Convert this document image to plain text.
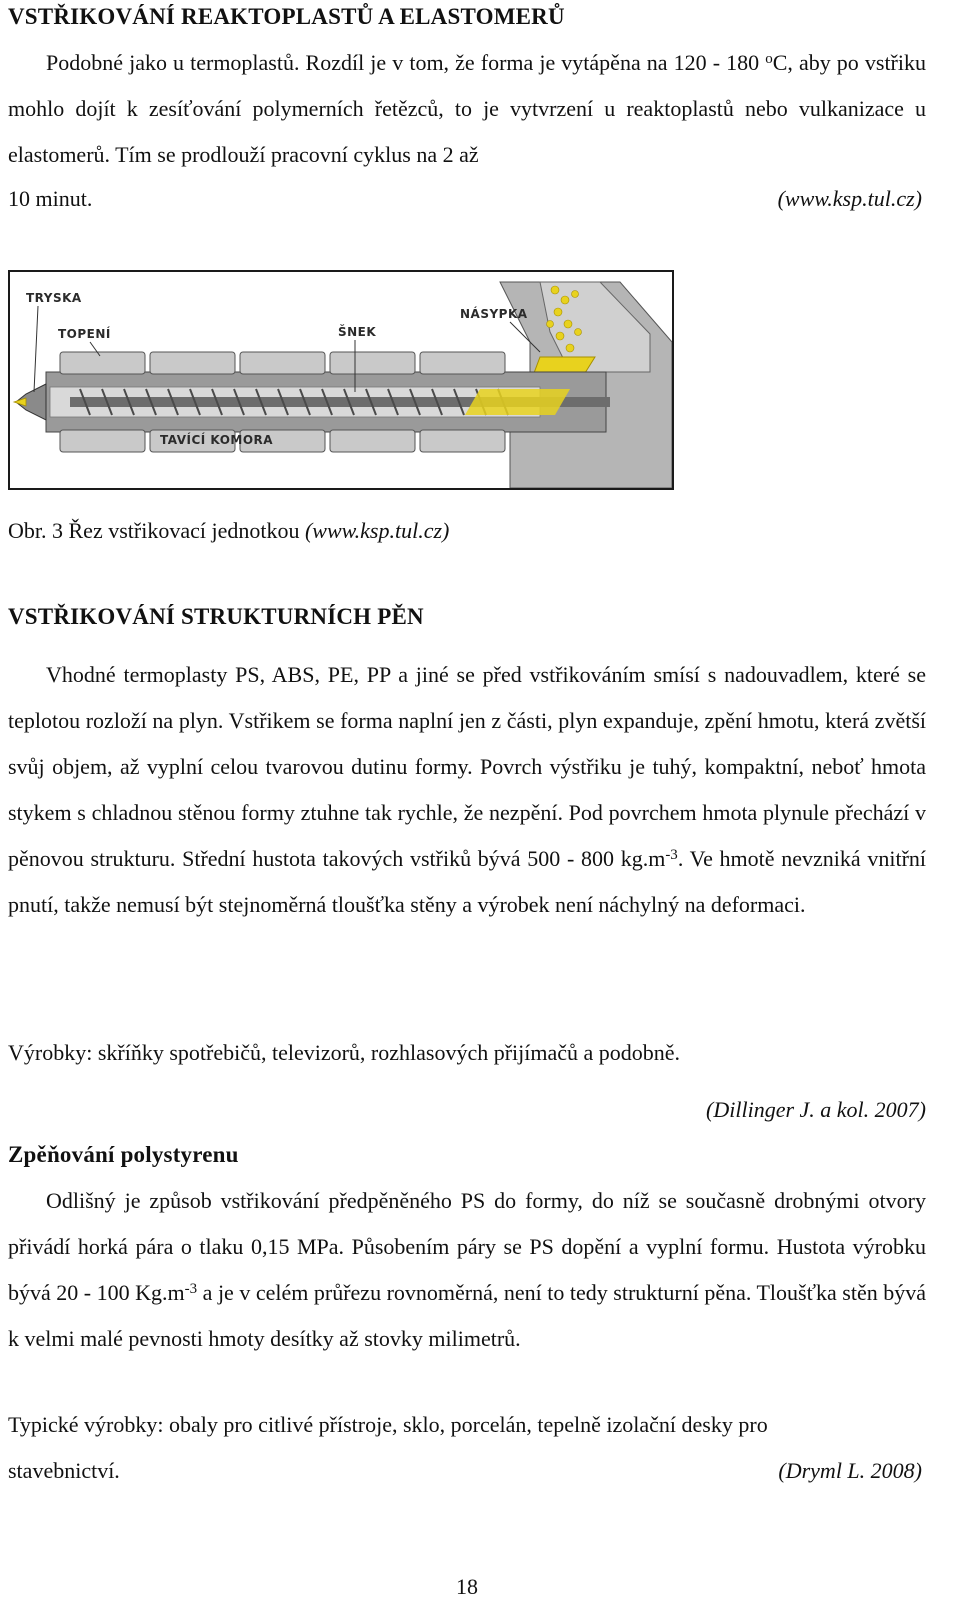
VSTŘIKOVÁNÍ REAKTOPLASTŮ A ELASTOMERŮ
Podobné jako u termoplastů. Rozdíl je v tom, že forma je vytápěna na 120 - 180 $^o$C, aby po vstřiku mohlo dojít k zesíťování polymerních řetězců, to je vytvrzení u reaktoplastů nebo vulkanizace u elastomerů. Tím se prodlouží pracovní cyklus na 2 až
10 minut.	(www.ksp.tul.cz)
TRYSKA
TOPENÍ	ŠNEK
NÁSYPKA
TAVÍCÍ KOMORA
Obr. 3 Řez vstřikovací jednotkou (www.ksp.tul.cz)
VSTŘIKOVÁNÍ STRUKTURNÍCH PĚN
Vhodné termoplasty PS, ABS, PE, PP a jiné se před vstřikováním smísí s nadouvadlem, které se teplotou rozloží na plyn. Vstřikem se forma naplní jen z části, plyn expanduje, zpění hmotu, která zvětší svůj objem, až vyplní celou tvarovou dutinu formy. Povrch výstřiku je tuhý, kompaktní, neboť hmota stykem s chladnou stěnou formy ztuhne tak rychle, že nezpění. Pod povrchem hmota plynule přechází v pěnovou strukturu. Střední hustota takových vstřiků bývá 500 - 800 $kg.m^{-3}$. Ve hmotě nevzniká vnitřní pnutí, takže nemusí být stejnoměrná tloušťka stěny a výrobek není náchylný na deformaci.
Výrobky: skříňky spotřebičů, televizorů, rozhlasových přijímačů a podobně.
(Dillinger J. a kol. 2007)
Zpěňování polystyrenu
Odlišný je způsob vstřikování předpěněného PS do formy, do níž se současně drobnými otvory přivádí horká pára o tlaku 0,15 MPa. Působením páry se PS dopění a vyplní formu. Hustota výrobku bývá 20 - 100 $Kg.m^{-3}$ a je v celém průřezu rovnoměrná, není to tedy strukturní pěna. Tloušťka stěn bývá k velmi malé pevnosti hmoty desítky až stovky milimetrů.
Typické výrobky: obaly pro citlivé přístroje, sklo, porcelán, tepelně izolační desky pro
stavebnictví.	(Dryml L. 2008)
18
